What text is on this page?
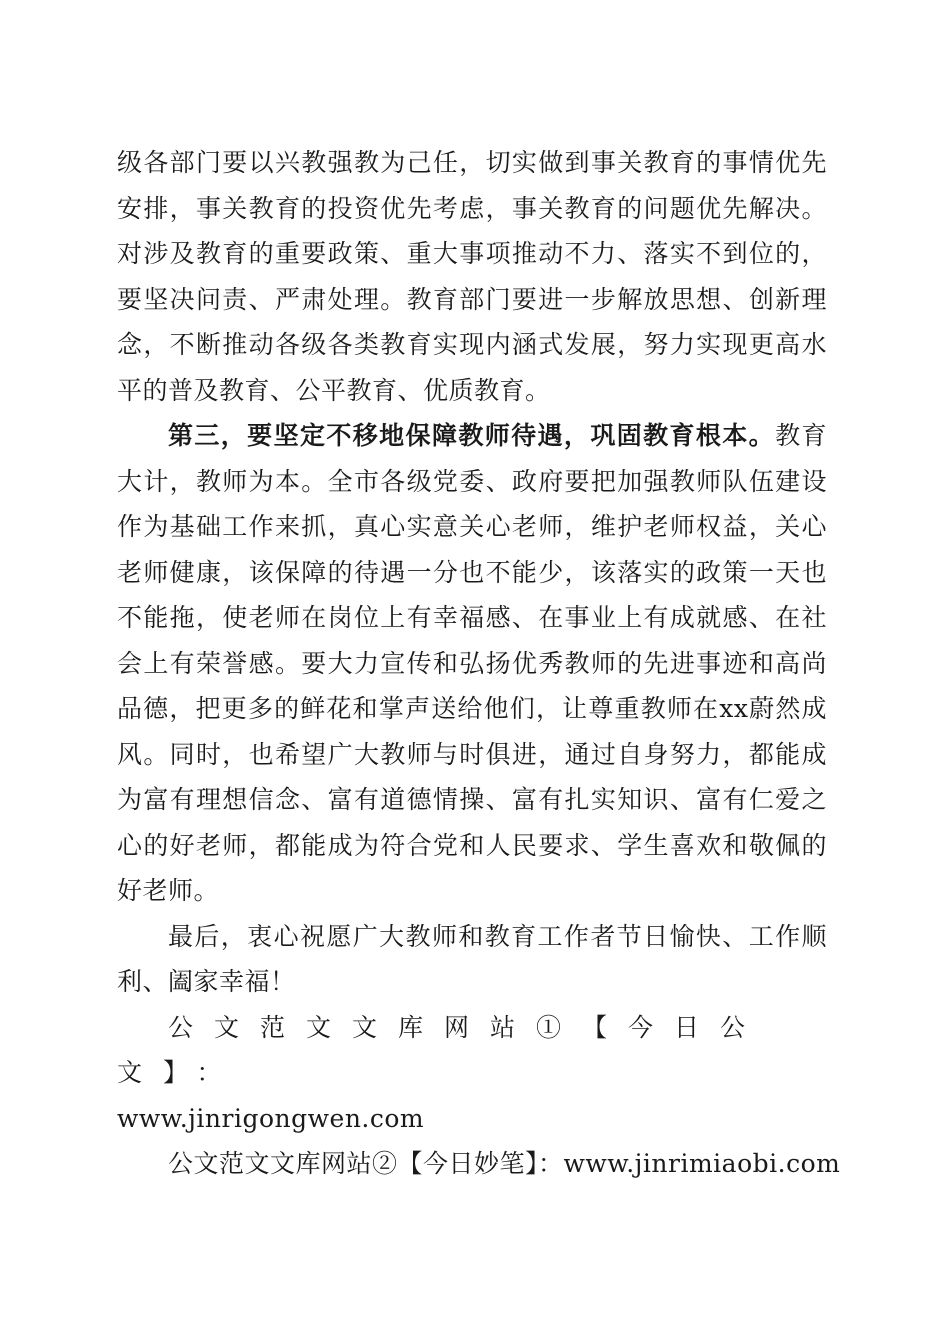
级各部门要以兴教强教为己任，切实做到事关教育的事情优先安排，事关教育的投资优先考虑，事关教育的问题优先解决。对涉及教育的重要政策、重大事项推动不力、落实不到位的，要坚决问责、严肃处理。教育部门要进一步解放思想、创新理念，不断推动各级各类教育实现内涵式发展，努力实现更高水平的普及教育、公平教育、优质教育。

第三，要坚定不移地保障教师待遇，巩固教育根本。教育大计，教师为本。全市各级党委、政府要把加强教师队伍建设作为基础工作来抓，真心实意关心老师，维护老师权益，关心老师健康，该保障的待遇一分也不能少，该落实的政策一天也不能拖，使老师在岗位上有幸福感、在事业上有成就感、在社会上有荣誉感。要大力宣传和弘扬优秀教师的先进事迹和高尚品德，把更多的鲜花和掌声送给他们，让尊重教师在xx蔚然成风。同时，也希望广大教师与时俱进，通过自身努力，都能成为富有理想信念、富有道德情操、富有扎实知识、富有仁爱之心的好老师，都能成为符合党和人民要求、学生喜欢和敬佩的好老师。

最后，衷心祝愿广大教师和教育工作者节日愉快、工作顺利、阖家幸福！

公文范文文库网站①【今日公文】：

www.jinrigongwen.com

公文范文文库网站②【今日妙笔】：www.jinrimiaobi.com
